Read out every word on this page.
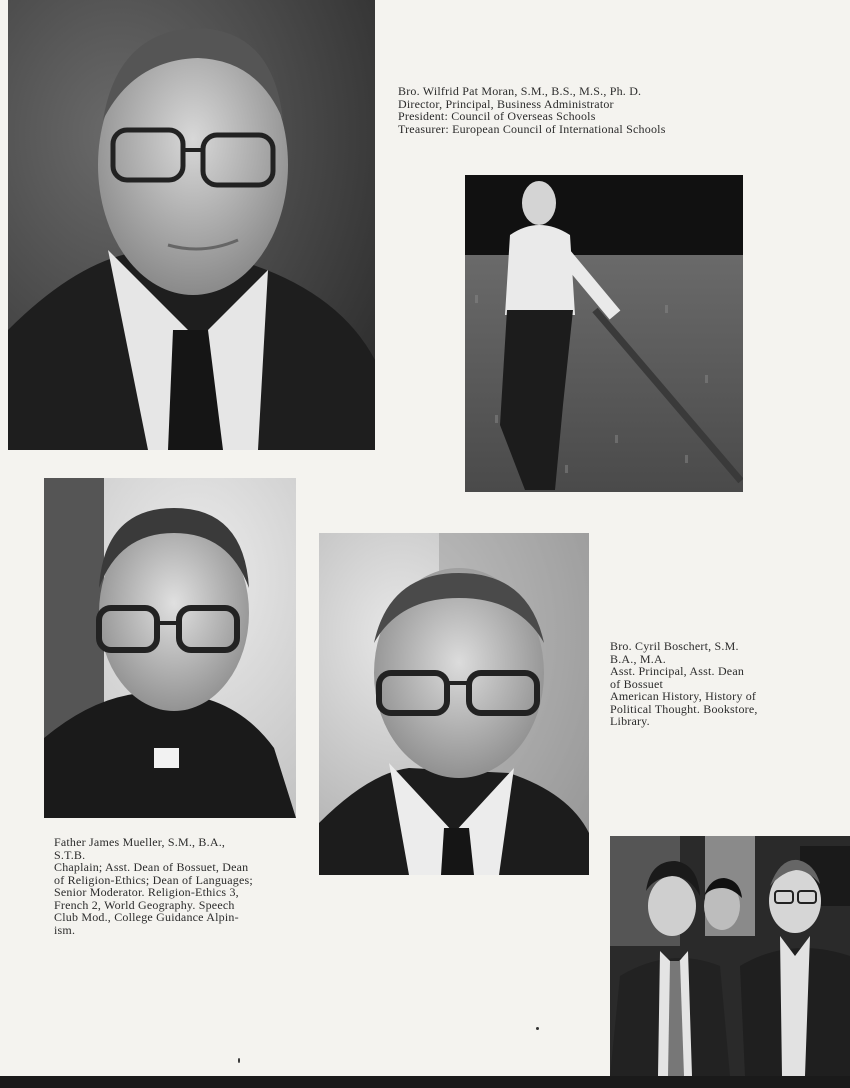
Bro. Wilfrid Pat Moran, S.M., B.S., M.S., Ph. D.
Director, Principal, Business Administrator
President: Council of Overseas Schools
Treasurer: European Council of International Schools
Father James Mueller, S.M., B.A.,
S.T.B.
Chaplain; Asst. Dean of Bossuet, Dean
of Religion-Ethics; Dean of Languages;
Senior Moderator. Religion-Ethics 3,
French 2, World Geography. Speech
Club Mod., College Guidance Alpin-
ism.
Bro. Cyril Boschert, S.M.
B.A., M.A.
Asst. Principal, Asst. Dean
of Bossuet
American History, History of
Political Thought. Bookstore,
Library.
